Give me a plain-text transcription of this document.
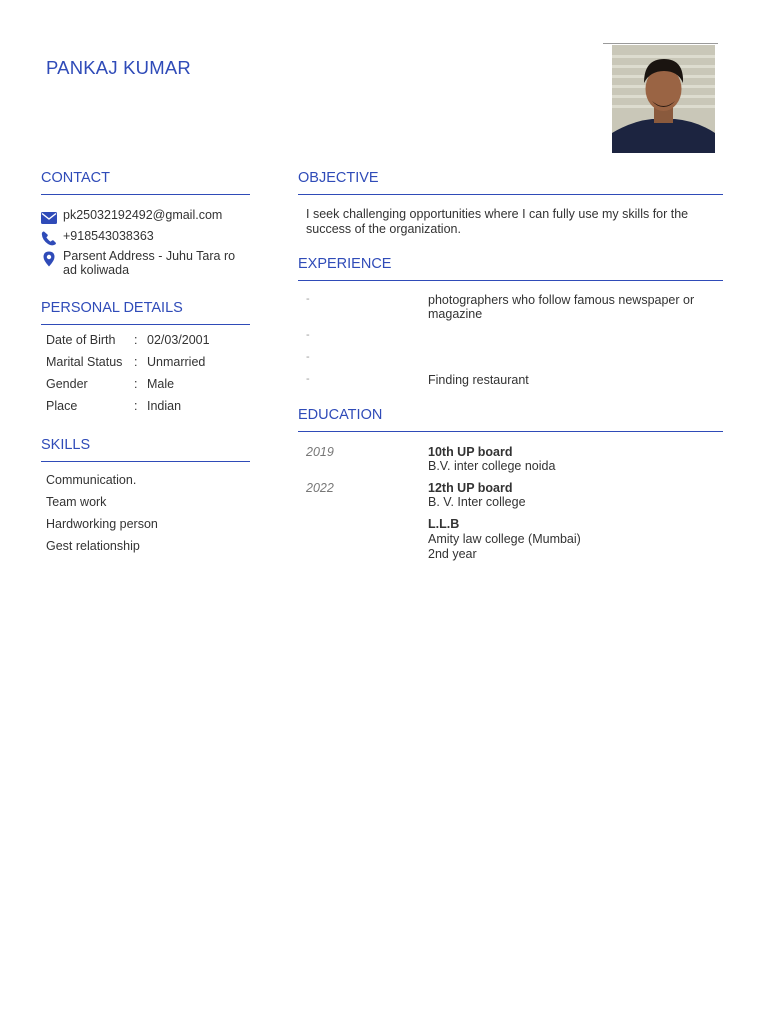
PANKAJ KUMAR
CONTACT
pk25032192492@gmail.com
+918543038363
Parsent Address - Juhu Tara ro
ad koliwada
PERSONAL DETAILS
Date of Birth : 02/03/2001
Marital Status : Unmarried
Gender	: Male
Place	: Indian
SKILLS
Communication.
Team work
Hardworking person
Gest relationship
OBJECTIVE
I seek challenging opportunities where I can fully use my skills for the
success of the organization.
EXPERIENCE
-	photographers who follow famous newspaper or
magazine
-
-
-	Finding restaurant
EDUCATION
2019	10th UP board
B.V. inter college noida
2022	12th UP board
B. V. Inter college
L.L.B
Amity law college (Mumbai)
2nd year
